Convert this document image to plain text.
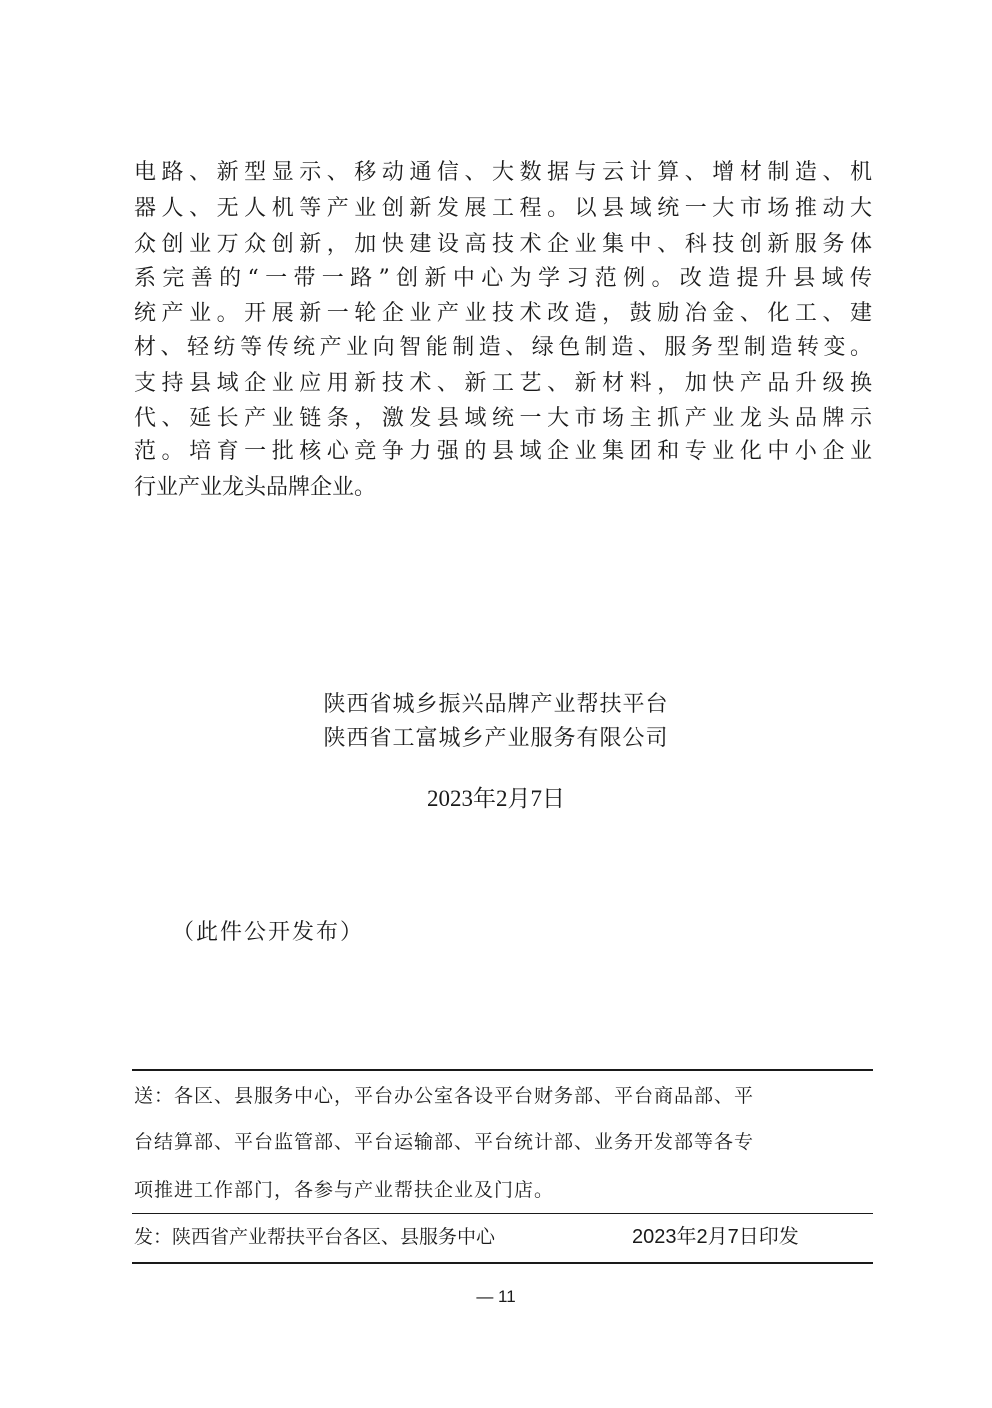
电路、新型显示、移动通信、大数据与云计算、增材制造、机
器人、无人机等产业创新发展工程。以县域统一大市场推动大
众创业万众创新，加快建设高技术企业集中、科技创新服务体
系完善的“一带一路”创新中心为学习范例。改造提升县域传
统产业。开展新一轮企业产业技术改造，鼓励冶金、化工、建
材、轻纺等传统产业向智能制造、绿色制造、服务型制造转变。
支持县域企业应用新技术、新工艺、新材料，加快产品升级换
代、延长产业链条，激发县域统一大市场主抓产业龙头品牌示
范。培育一批核心竞争力强的县域企业集团和专业化中小企业
行业产业龙头品牌企业。
陕西省城乡振兴品牌产业帮扶平台
陕西省工富城乡产业服务有限公司
2023年2月7日
（此件公开发布）
送：各区、县服务中心，平台办公室各设平台财务部、平台商品部、平
台结算部、平台监管部、平台运输部、平台统计部、业务开发部等各专
项推进工作部门，各参与产业帮扶企业及门店。
发：陕西省产业帮扶平台各区、县服务中心	2023年2月7日印发
— 11
